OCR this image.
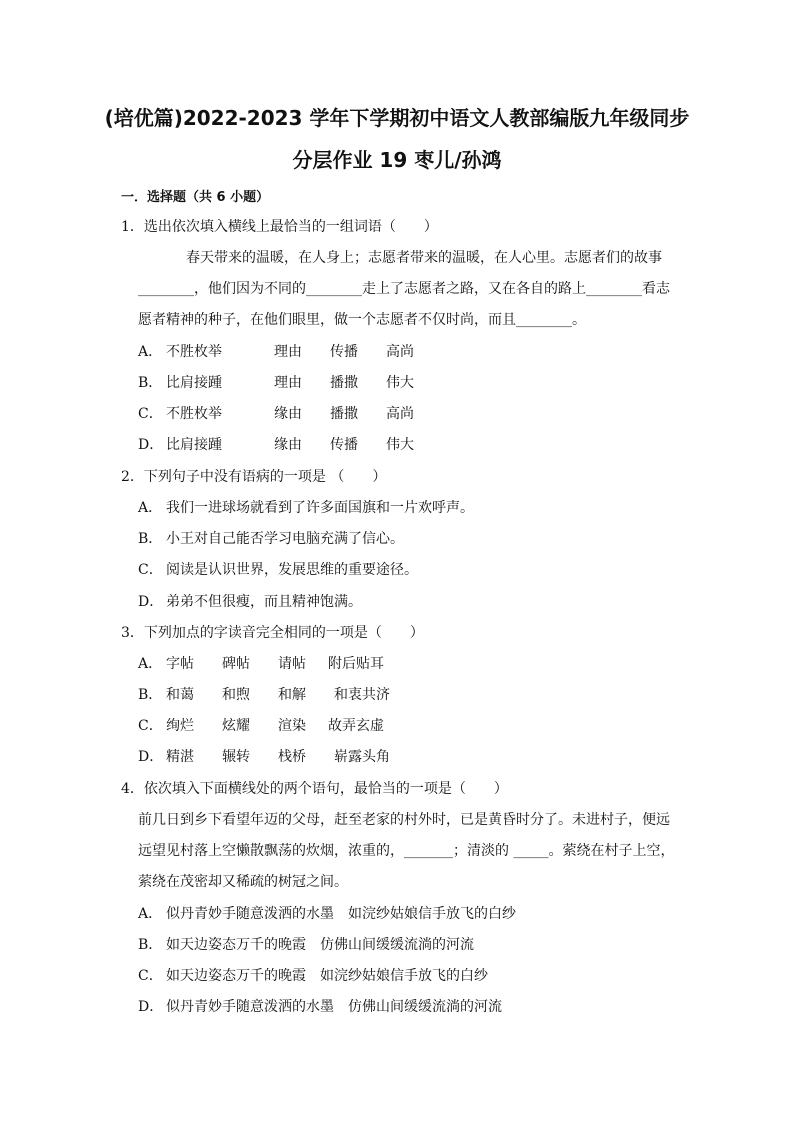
(培优篇)2022-2023 学年下学期初中语文人教部编版九年级同步
分层作业 19 枣儿/孙鸿
一．选择题（共 6 小题）
1．选出依次填入横线上最恰当的一组词语（　　）
春天带来的温暖，在人身上；志愿者带来的温暖，在人心里。志愿者们的故事
________，他们因为不同的________走上了志愿者之路，又在各自的路上________看志
愿者精神的种子，在他们眼里，做一个志愿者不仅时尚，而且________。
A． 不胜枚举	理由 传播 高尚
B． 比肩接踵	理由 播撒 伟大
C． 不胜枚举	缘由 播撒 高尚
D． 比肩接踵	缘由 传播 伟大
2．下列句子中没有语病的一项是 （　　）
A． 我们一进球场就看到了许多面国旗和一片欢呼声。
B． 小王对自己能否学习电脑充满了信心。
C． 阅读是认识世界，发展思维的重要途径。
D． 弟弟不但很瘦，而且精神饱满。
3．下列加点的字读音完全相同的一项是（　　）
A． 字帖 碑帖 请帖 附后贴耳
B． 和蔼 和煦 和解 和衷共济
C． 绚烂 炫耀 渲染 故弄玄虚
D． 精湛 辗转 栈桥 崭露头角
4．依次填入下面横线处的两个语句，最恰当的一项是（　　）
前几日到乡下看望年迈的父母，赶至老家的村外时，已是黄昏时分了。未进村子，便远
远望见村落上空懒散飘荡的炊烟，浓重的，_______；清淡的 _____。萦绕在村子上空，
萦绕在茂密却又稀疏的树冠之间。
A． 似丹青妙手随意泼洒的水墨　如浣纱姑娘信手放飞的白纱
B． 如天边姿态万千的晚霞　仿佛山间缓缓流淌的河流
C． 如天边姿态万千的晚霞　如浣纱姑娘信手放飞的白纱
D． 似丹青妙手随意泼洒的水墨　仿佛山间缓缓流淌的河流
